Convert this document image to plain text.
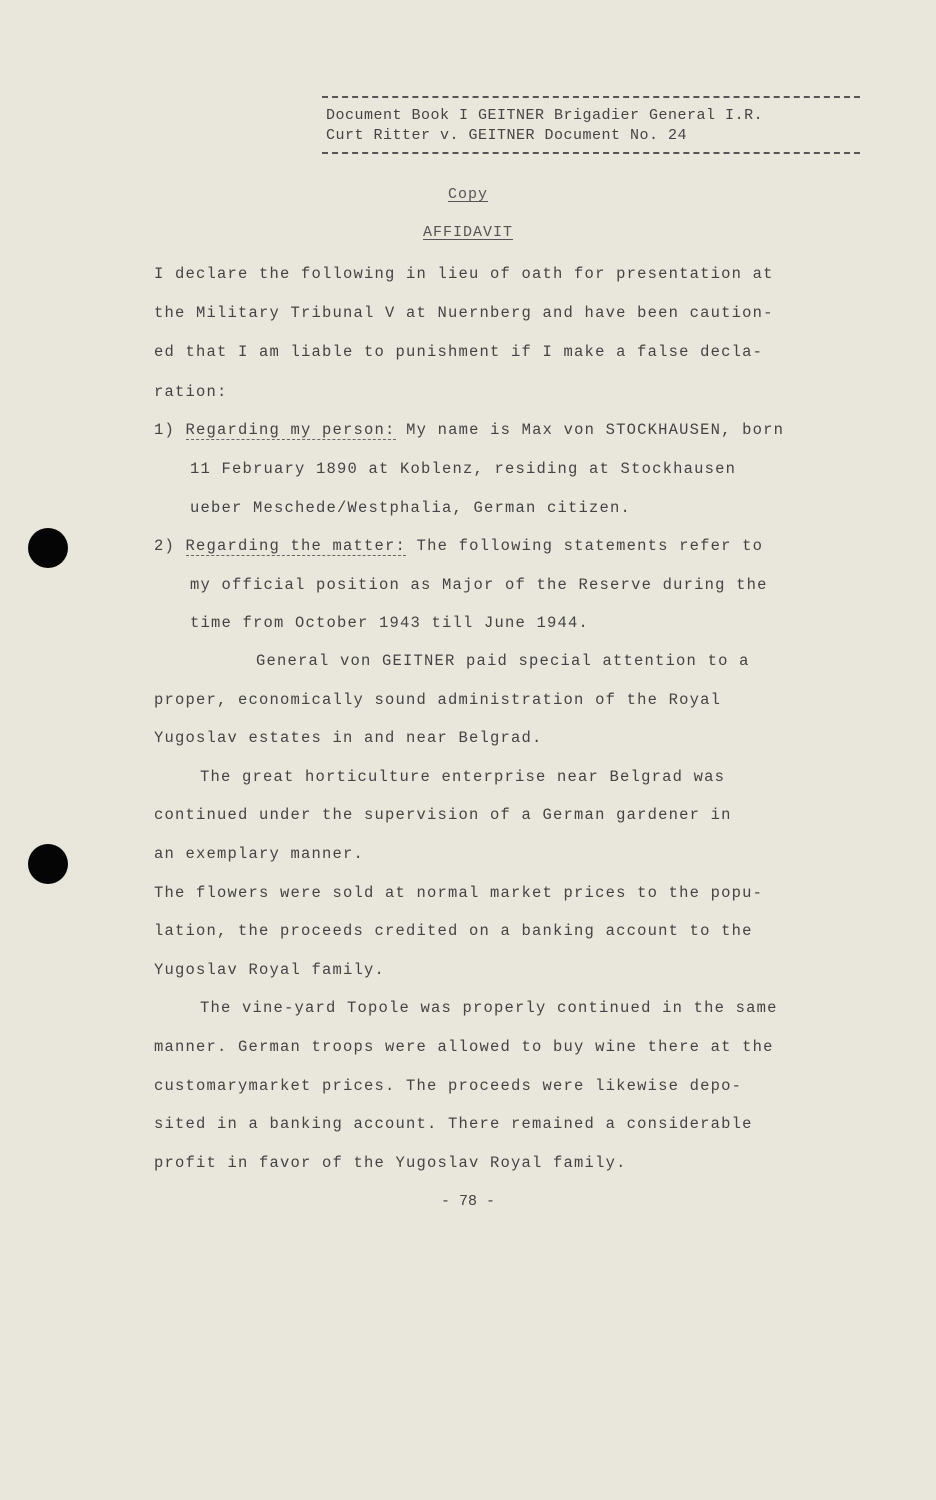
Document Book I GEITNER Brigadier General I.R.
Curt Ritter v. GEITNER Document No. 24
Copy
AFFIDAVIT
I declare the following in lieu of oath for presentation at
the Military Tribunal V at Nuernberg and have been caution-
ed that I am liable to punishment if I make a false decla-
ration:
1) Regarding my person: My name is Max von STOCKHAUSEN, born
11 February 1890 at Koblenz, residing at Stockhausen
ueber Meschede/Westphalia, German citizen.
2) Regarding the matter: The following statements refer to
my official position as Major of the Reserve during the
time from October 1943 till June 1944.
General von GEITNER paid special attention to a
proper, economically sound administration of the Royal
Yugoslav estates in and near Belgrad.
The great horticulture enterprise near Belgrad was
continued under the supervision of a German gardener in
an exemplary manner.
The flowers were sold at normal market prices to the popu-
lation, the proceeds credited on a banking account to the
Yugoslav Royal family.
The vine-yard Topole was properly continued in the same
manner. German troops were allowed to buy wine there at the
customarymarket prices. The proceeds were likewise depo-
sited in a banking account. There remained a considerable
profit in favor of the Yugoslav Royal family.
- 78 -
